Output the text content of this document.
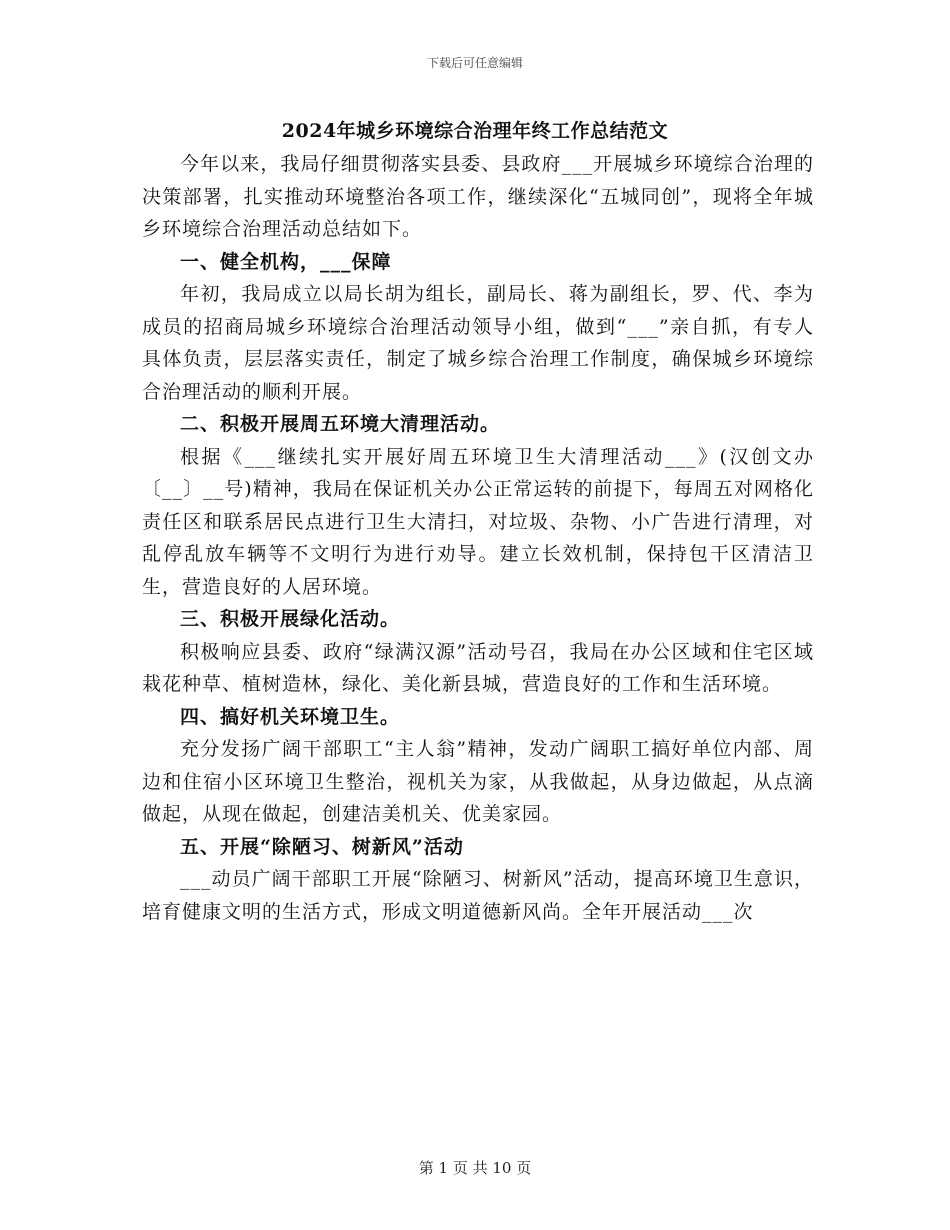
下载后可任意编辑
2024年城乡环境综合治理年终工作总结范文

今年以来，我局仔细贯彻落实县委、县政府___开展城乡环境综合治理的决策部署，扎实推动环境整治各项工作，继续深化“五城同创”，现将全年城乡环境综合治理活动总结如下。

一、健全机构，___保障

年初，我局成立以局长胡为组长，副局长、蒋为副组长，罗、代、李为成员的招商局城乡环境综合治理活动领导小组，做到“___”亲自抓，有专人具体负责，层层落实责任，制定了城乡综合治理工作制度，确保城乡环境综合治理活动的顺利开展。

二、积极开展周五环境大清理活动。

根据《___继续扎实开展好周五环境卫生大清理活动___》(汉创文办〔__〕__号)精神，我局在保证机关办公正常运转的前提下，每周五对网格化责任区和联系居民点进行卫生大清扫，对垃圾、杂物、小广告进行清理，对乱停乱放车辆等不文明行为进行劝导。建立长效机制，保持包干区清洁卫生，营造良好的人居环境。

三、积极开展绿化活动。

积极响应县委、政府“绿满汉源”活动号召，我局在办公区域和住宅区域栽花种草、植树造林，绿化、美化新县城，营造良好的工作和生活环境。

四、搞好机关环境卫生。

充分发扬广阔干部职工“主人翁”精神，发动广阔职工搞好单位内部、周边和住宿小区环境卫生整治，视机关为家，从我做起，从身边做起，从点滴做起，从现在做起，创建洁美机关、优美家园。

五、开展“除陋习、树新风”活动

___动员广阔干部职工开展“除陋习、树新风”活动，提高环境卫生意识，培育健康文明的生活方式，形成文明道德新风尚。全年开展活动___次

第 1 页 共 10 页
